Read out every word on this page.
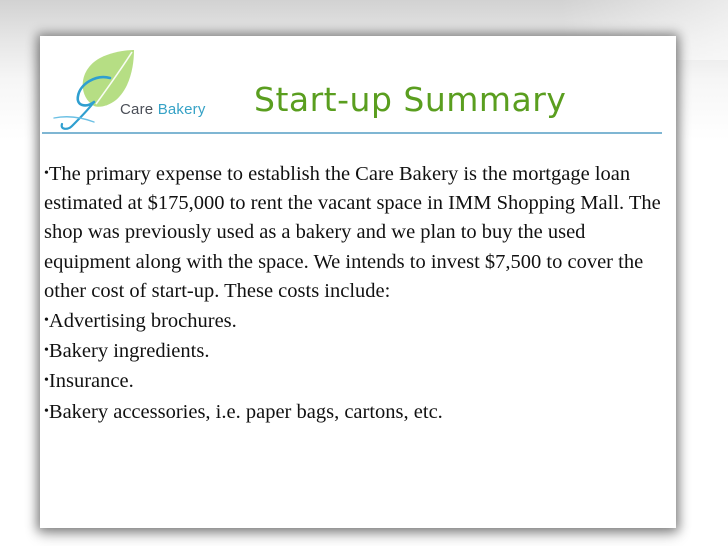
Care Bakery Start-up Summary
•The primary expense to establish the Care Bakery is the mortgage loan estimated at $175,000 to rent the vacant space in IMM Shopping Mall. The shop was previously used as a bakery and we plan to buy the used equipment along with the space. We intends to invest $7,500 to cover the other cost of start-up. These costs include:
•Advertising brochures.
•Bakery ingredients.
•Insurance.
•Bakery accessories, i.e. paper bags, cartons, etc.
